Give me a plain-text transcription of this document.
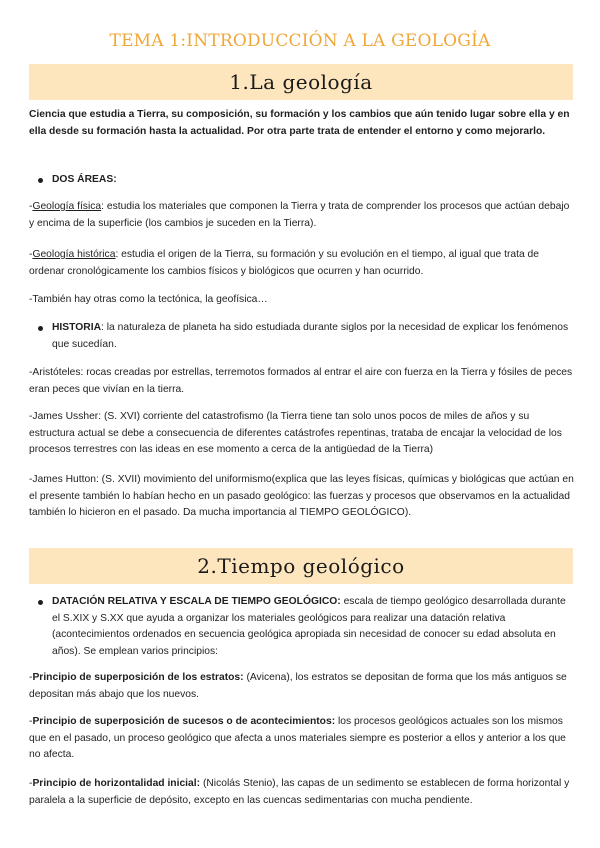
TEMA 1:INTRODUCCIÓN A LA GEOLOGÍA
1.La geología

Ciencia que estudia a Tierra, su composición, su formación y los cambios que aún tenido lugar sobre ella y en ella desde su formación hasta la actualidad. Por otra parte trata de entender el entorno y como mejorarlo.

DOS ÁREAS:

-Geología física: estudia los materiales que componen la Tierra y trata de comprender los procesos que actúan debajo y encima de la superficie (los cambios je suceden en la Tierra).

-Geología histórica: estudia el origen de la Tierra, su formación y su evolución en el tiempo, al igual que trata de ordenar cronológicamente los cambios físicos y biológicos que ocurren y han ocurrido.

-También hay otras como la tectónica, la geofísica…

HISTORIA: la naturaleza de planeta ha sido estudiada durante siglos por la necesidad de explicar los fenómenos que sucedían.

-Aristóteles: rocas creadas por estrellas, terremotos formados al entrar el aire con fuerza en la Tierra y fósiles de peces eran peces que vivían en la tierra.

-James Ussher: (S. XVI) corriente del catastrofismo (la Tierra tiene tan solo unos pocos de miles de años y su estructura actual se debe a consecuencia de diferentes catástrofes repentinas, trataba de encajar la velocidad de los procesos terrestres con las ideas en ese momento a cerca de la antigüedad de la Tierra)

-James Hutton: (S. XVII) movimiento del uniformismo(explica que las leyes físicas, químicas y biológicas que actúan en el presente también lo habían hecho en un pasado geológico: las fuerzas y procesos que observamos en la actualidad también lo hicieron en el pasado. Da mucha importancia al TIEMPO GEOLÓGICO).

2.Tiempo geológico

DATACIÓN RELATIVA Y ESCALA DE TIEMPO GEOLÓGICO: escala de tiempo geológico desarrollada durante el S.XIX y S.XX que ayuda a organizar los materiales geológicos para realizar una datación relativa (acontecimientos ordenados en secuencia geológica apropiada sin necesidad de conocer su edad absoluta en años). Se emplean varios principios:

-Principio de superposición de los estratos: (Avicena), los estratos se depositan de forma que los más antiguos se depositan más abajo que los nuevos.

-Principio de superposición de sucesos o de acontecimientos: los procesos geológicos actuales son los mismos que en el pasado, un proceso geológico que afecta a unos materiales siempre es posterior a ellos y anterior a los que no afecta.

-Principio de horizontalidad inicial: (Nicolás Stenio), las capas de un sedimento se establecen de forma horizontal y paralela a la superficie de depósito, excepto en las cuencas sedimentarias con mucha pendiente.
